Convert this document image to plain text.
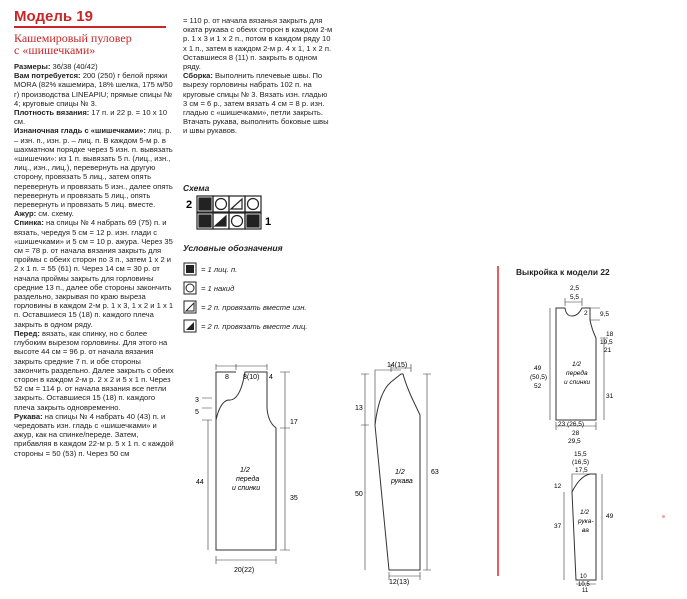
Модель 19
Кашемировый пуловер
с «шишечками»
Размеры: 36/38 (40/42)
Вам потребуется: 200 (250) г белой пряжи MORA (82% кашемира, 18% шелка, 175 м/50 г) производства LINEAPIU; прямые спицы № 4; круговые спицы № 3.
Плотность вязания: 17 п. и 22 р. = 10 х 10 см.
Изнаночная гладь с «шишечками»: лиц. р. – изн. п., изн. р. – лиц. п. В каждом 5-м р. в шахматном порядке через 5 изн. п. вывязать «шишечки»: из 1 п. вывязать 5 п. (лиц., изн., лиц., изн., лиц.), перевернуть на другую сторону, провязать 5 лиц., затем опять перевернуть и провязать 5 изн., далее опять перевернуть и провязать 5 лиц., опять перевернуть и провязать 5 лиц. вместе.
Ажур: см. схему.
Спинка: на спицы № 4 набрать 69 (75) п. и вязать, чередуя 5 см = 12 р. изн. глади с «шишечками» и 5 см = 10 р. ажура. Через 35 см = 78 р. от начала вязания закрыть для проймы с обеих сторон по 3 п., затем 1 х 2 и 2 х 1 п. = 55 (61) п. Через 14 см = 30 р. от начала проймы закрыть для горловины средние 13 п., далее обе стороны закончить раздельно, закрывая по краю выреза горловины в каждом 2-м р. 1 х 3, 1 х 2 и 1 х 1 п. Оставшиеся 15 (18) п. каждого плеча закрыть в одном ряду.
Перед: вязать, как спинку, но с более глубоким вырезом горловины. Для этого на высоте 44 см = 96 р. от начала вязания закрыть средние 7 п. и обе стороны закончить раздельно. Далее закрыть с обеих сторон в каждом 2-м р. 2 х 2 и 5 х 1 п. Через 52 см = 114 р. от начала вязания все петли закрыть. Оставшиеся 15 (18) п. каждого плеча закрыть одновременно.
Рукава: на спицы № 4 набрать 40 (43) п. и чередовать изн. гладь с «шишечками» и ажур, как на спинке/переде. Затем, прибавляя в каждом 22-м р. 5 х 1 п. с каждой стороны = 50 (53) п. Через 50 см
= 110 р. от начала вязанья закрыть для оката рукава с обеих сторон в каждом 2-м р. 1 х 3 и 1 х 2 п., потом в каждом ряду 10 х 1 п., затем в каждом 2-м р. 4 х 1, 1 х 2 п. Оставшиеся 8 (11) п. закрыть в одном ряду.
Сборка: Выполнить плечевые швы. По вырезу горловины набрать 102 п. на круговые спицы № 3. Вязать изн. гладью 3 см = 6 р., затем вязать 4 см = 8 р. изн. гладью с «шишечками», петли закрыть. Втачать рукава, выполнить боковые швы и швы рукавов.
Схема
2
1
Условные обозначения
= 1 лиц. п.
= 1 накид
= 2 п. провязать вместе изн.
= 2 п. провязать вместе лиц.
8 8(10) 4
3
5
17
44
35
20(22)
1/2
переда
и спинки
14(15)
13
50
63
12(13)
1/2
рукава
Выкройка к модели 22
2,5
5,5
2 9,5
18
19,5
21
49
(50,5)
52
31
23 (26,5)
28
29,5
1/2
переда
и спинки
15,5
(16,5)
17,5
12
37
49
10
10,5
11
1/2
рука-
ва
